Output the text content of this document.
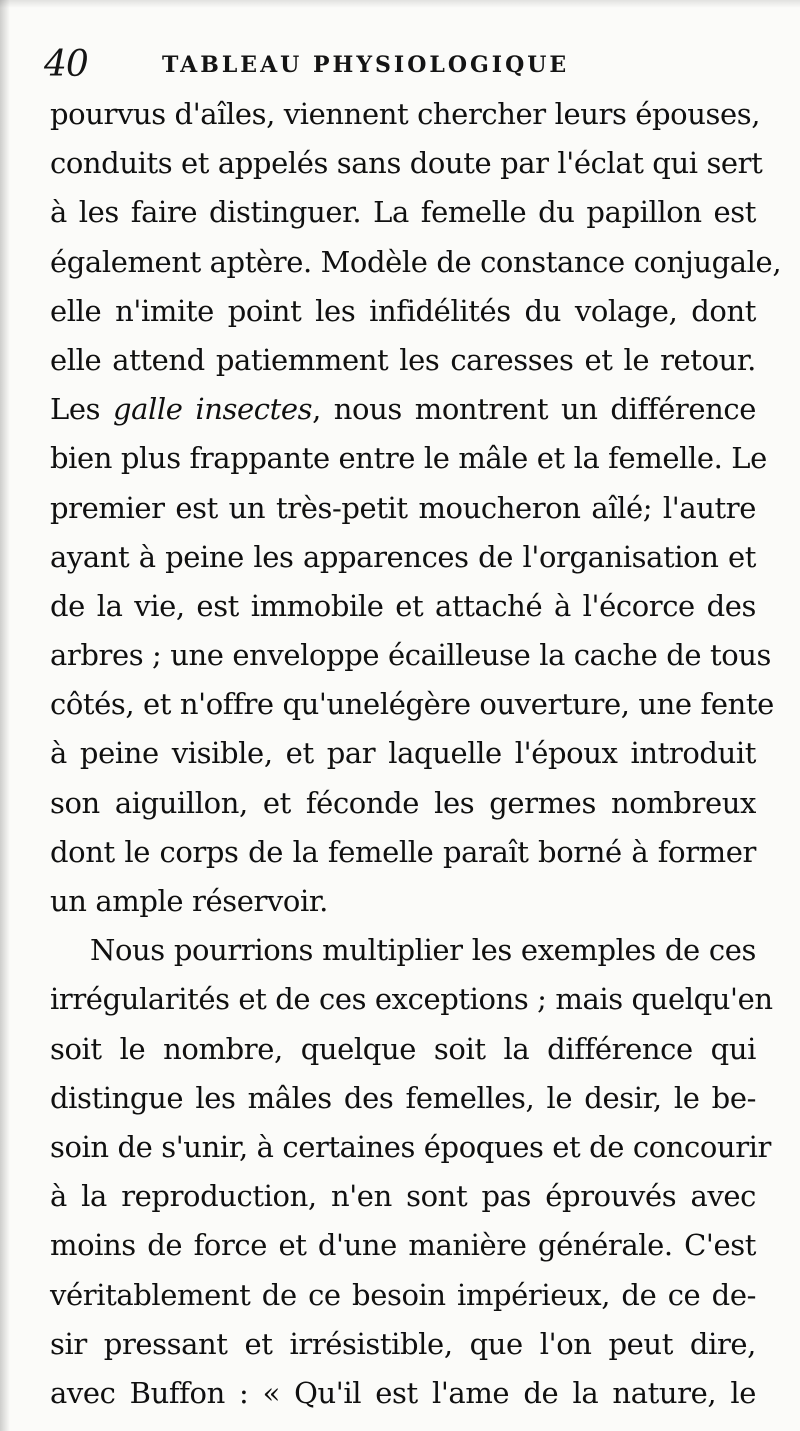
40	TABLEAU PHYSIOLOGIQUE
pourvus d'aîles, viennent chercher leurs épouses,
conduits et appelés sans doute par l'éclat qui sert
à les faire distinguer. La femelle du papillon est
également aptère. Modèle de constance conjugale,
elle n'imite point les infidélités du volage, dont
elle attend patiemment les caresses et le retour.
Les galle insectes, nous montrent un différence
bien plus frappante entre le mâle et la femelle. Le
premier est un très-petit moucheron aîlé; l'autre
ayant à peine les apparences de l'organisation et
de la vie, est immobile et attaché à l'écorce des
arbres ; une enveloppe écailleuse la cache de tous
côtés, et n'offre qu'unelégère ouverture, une fente
à peine visible, et par laquelle l'époux introduit
son aiguillon, et féconde les germes nombreux
dont le corps de la femelle paraît borné à former
un ample réservoir.
Nous pourrions multiplier les exemples de ces
irrégularités et de ces exceptions ; mais quelqu'en
soit le nombre, quelque soit la différence qui
distingue les mâles des femelles, le desir, le be-
soin de s'unir, à certaines époques et de concourir
à la reproduction, n'en sont pas éprouvés avec
moins de force et d'une manière générale. C'est
véritablement de ce besoin impérieux, de ce de-
sir pressant et irrésistible, que l'on peut dire,
avec Buffon : « Qu'il est l'ame de la nature, le
